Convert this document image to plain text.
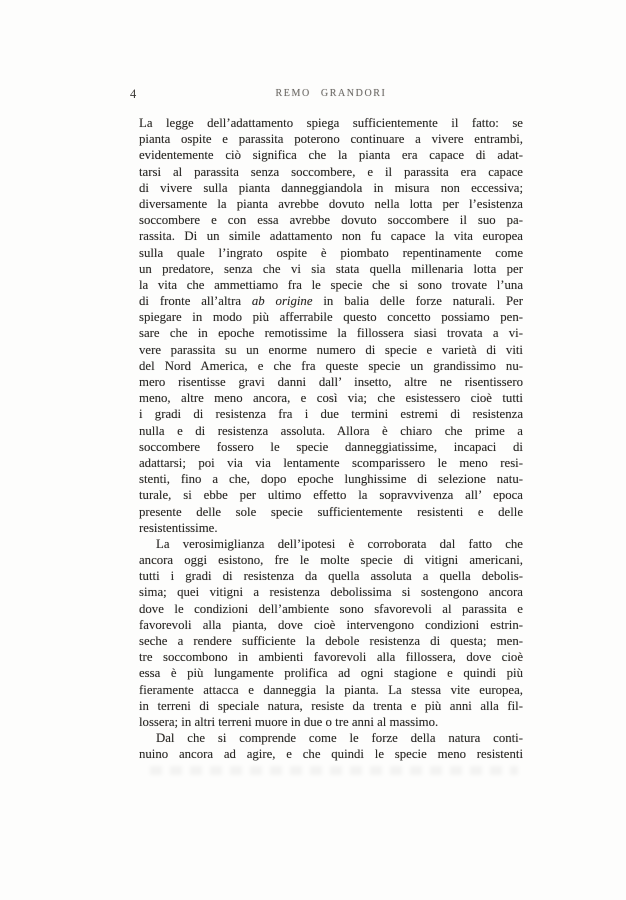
4	REMO GRANDORI
La legge dell’adattamento spiega sufficientemente il fatto: se
pianta ospite e parassita poterono continuare a vivere entrambi,
evidentemente ciò significa che la pianta era capace di adat-
tarsi al parassita senza soccombere, e il parassita era capace
di vivere sulla pianta danneggiandola in misura non eccessiva;
diversamente la pianta avrebbe dovuto nella lotta per l’esistenza
soccombere e con essa avrebbe dovuto soccombere il suo pa-
rassita. Di un simile adattamento non fu capace la vita europea
sulla quale l’ingrato ospite è piombato repentinamente come
un predatore, senza che vi sia stata quella millenaria lotta per
la vita che ammettiamo fra le specie che si sono trovate l’una
di fronte all’altra ab origine in balia delle forze naturali. Per
spiegare in modo più afferrabile questo concetto possiamo pen-
sare che in epoche remotissime la fillossera siasi trovata a vi-
vere parassita su un enorme numero di specie e varietà di viti
del Nord America, e che fra queste specie un grandissimo nu-
mero risentisse gravi danni dall’ insetto, altre ne risentissero
meno, altre meno ancora, e così via; che esistessero cioè tutti
i gradi di resistenza fra i due termini estremi di resistenza
nulla e di resistenza assoluta. Allora è chiaro che prime a
soccombere fossero le specie danneggiatissime, incapaci di
adattarsi; poi via via lentamente scomparissero le meno resi-
stenti, fino a che, dopo epoche lunghissime di selezione natu-
turale, si ebbe per ultimo effetto la sopravvivenza all’ epoca
presente delle sole specie sufficientemente resistenti e delle
resistentissime.
La verosimiglianza dell’ipotesi è corroborata dal fatto che
ancora oggi esistono, fre le molte specie di vitigni americani,
tutti i gradi di resistenza da quella assoluta a quella debolis-
sima; quei vitigni a resistenza debolissima si sostengono ancora
dove le condizioni dell’ambiente sono sfavorevoli al parassita e
favorevoli alla pianta, dove cioè intervengono condizioni estrin-
seche a rendere sufficiente la debole resistenza di questa; men-
tre soccombono in ambienti favorevoli alla fillossera, dove cioè
essa è più lungamente prolifica ad ogni stagione e quindi più
fieramente attacca e danneggia la pianta. La stessa vite europea,
in terreni di speciale natura, resiste da trenta e più anni alla fil-
lossera; in altri terreni muore in due o tre anni al massimo.
Dal che si comprende come le forze della natura conti-
nuino ancora ad agire, e che quindi le specie meno resistenti
